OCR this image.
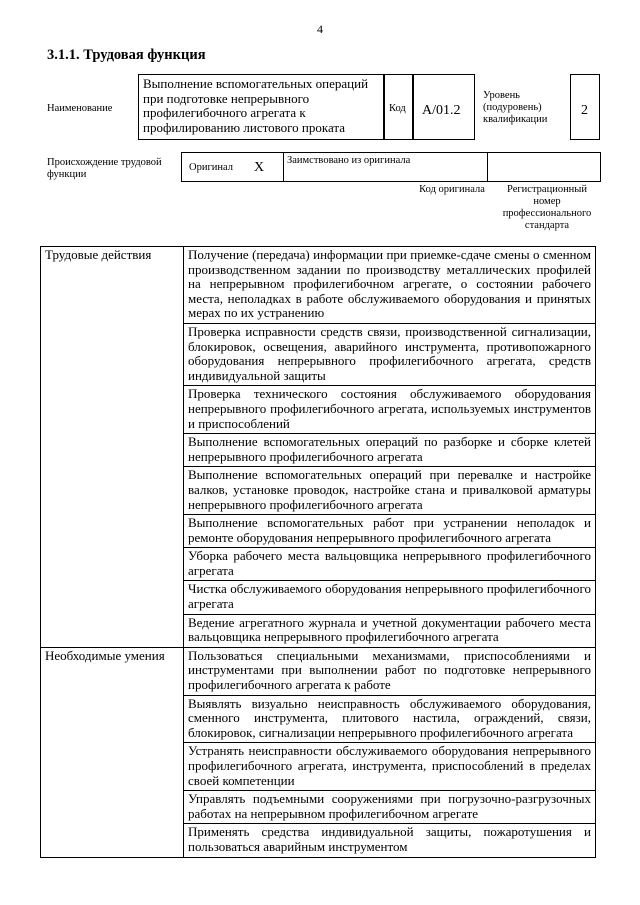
4
3.1.1. Трудовая функция
Наименование
Выполнение вспомогательных операций при подготовке непрерывного профилегибочного агрегата к профилированию листового проката
Код	A/01.2
Уровень (подуровень) квалификации
2
Происхождение трудовой функции
Оригинал X Заимствовано из оригинала
Код оригинала	Регистрационный номер профессионального стандарта
Трудовые действия	Получение (передача) информации при приемке-сдаче смены о сменном производственном задании по производству металлических профилей на непрерывном профилегибочном агрегате, о состоянии рабочего места, неполадках в работе обслуживаемого оборудования и принятых мерах по их устранению
	Проверка исправности средств связи, производственной сигнализации, блокировок, освещения, аварийного инструмента, противопожарного оборудования непрерывного профилегибочного агрегата, средств индивидуальной защиты
	Проверка технического состояния обслуживаемого оборудования непрерывного профилегибочного агрегата, используемых инструментов и приспособлений
	Выполнение вспомогательных операций по разборке и сборке клетей непрерывного профилегибочного агрегата
	Выполнение вспомогательных операций при перевалке и настройке валков, установке проводок, настройке стана и привалковой арматуры непрерывного профилегибочного агрегата
	Выполнение вспомогательных работ при устранении неполадок и ремонте оборудования непрерывного профилегибочного агрегата
	Уборка рабочего места вальцовщика непрерывного профилегибочного агрегата
	Чистка обслуживаемого оборудования непрерывного профилегибочного агрегата
	Ведение агрегатного журнала и учетной документации рабочего места вальцовщика непрерывного профилегибочного агрегата
Необходимые умения	Пользоваться специальными механизмами, приспособлениями и инструментами при выполнении работ по подготовке непрерывного профилегибочного агрегата к работе
	Выявлять визуально неисправность обслуживаемого оборудования, сменного инструмента, плитового настила, ограждений, связи, блокировок, сигнализации непрерывного профилегибочного агрегата
	Устранять неисправности обслуживаемого оборудования непрерывного профилегибочного агрегата, инструмента, приспособлений в пределах своей компетенции
	Управлять подъемными сооружениями при погрузочно-разгрузочных работах на непрерывном профилегибочном агрегате
	Применять средства индивидуальной защиты, пожаротушения и пользоваться аварийным инструментом
